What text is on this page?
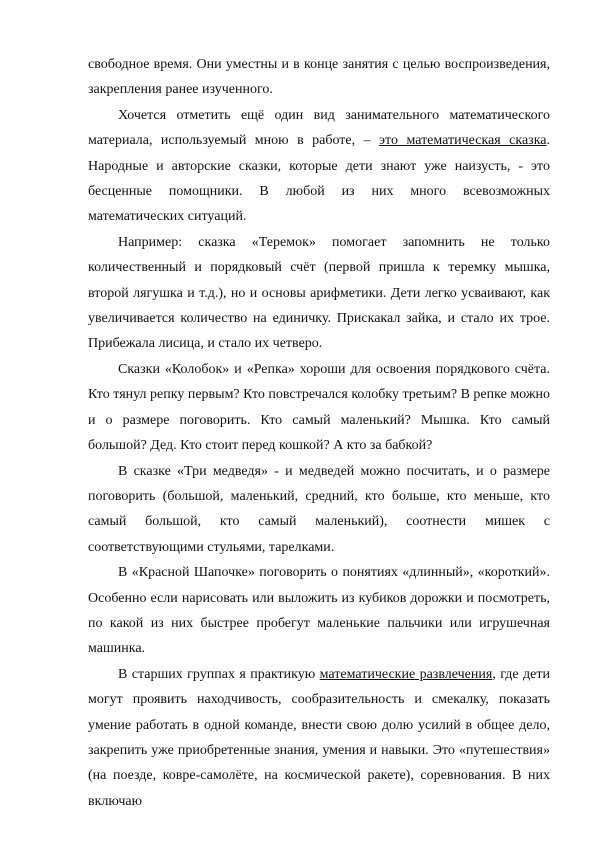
свободное время. Они уместны и в конце занятия с целью воспроизведения, закрепления ранее изученного.

Хочется отметить ещё один вид занимательного математического материала, используемый мною в работе, – это математическая сказка. Народные и авторские сказки, которые дети знают уже наизусть, - это бесценные помощники. В любой из них много всевозможных математических ситуаций.

Например: сказка «Теремок» помогает запомнить не только количественный и порядковый счёт (первой пришла к теремку мышка, второй лягушка и т.д.), но и основы арифметики. Дети легко усваивают, как увеличивается количество на единичку. Прискакал зайка, и стало их трое. Прибежала лисица, и стало их четверо.

Сказки «Колобок» и «Репка» хороши для освоения порядкового счёта. Кто тянул репку первым? Кто повстречался колобку третьим? В репке можно и о размере поговорить. Кто самый маленький? Мышка. Кто самый большой? Дед. Кто стоит перед кошкой? А кто за бабкой?

В сказке «Три медведя» - и медведей можно посчитать, и о размере поговорить (большой, маленький, средний, кто больше, кто меньше, кто самый большой, кто самый маленький), соотнести мишек с соответствующими стульями, тарелками.

В «Красной Шапочке» поговорить о понятиях «длинный», «короткий». Особенно если нарисовать или выложить из кубиков дорожки и посмотреть, по какой из них быстрее пробегут маленькие пальчики или игрушечная машинка.

В старших группах я практикую математические развлечения, где дети могут проявить находчивость, сообразительность и смекалку, показать умение работать в одной команде, внести свою долю усилий в общее дело, закрепить уже приобретенные знания, умения и навыки. Это «путешествия» (на поезде, ковре-самолёте, на космической ракете), соревнования. В них включаю
